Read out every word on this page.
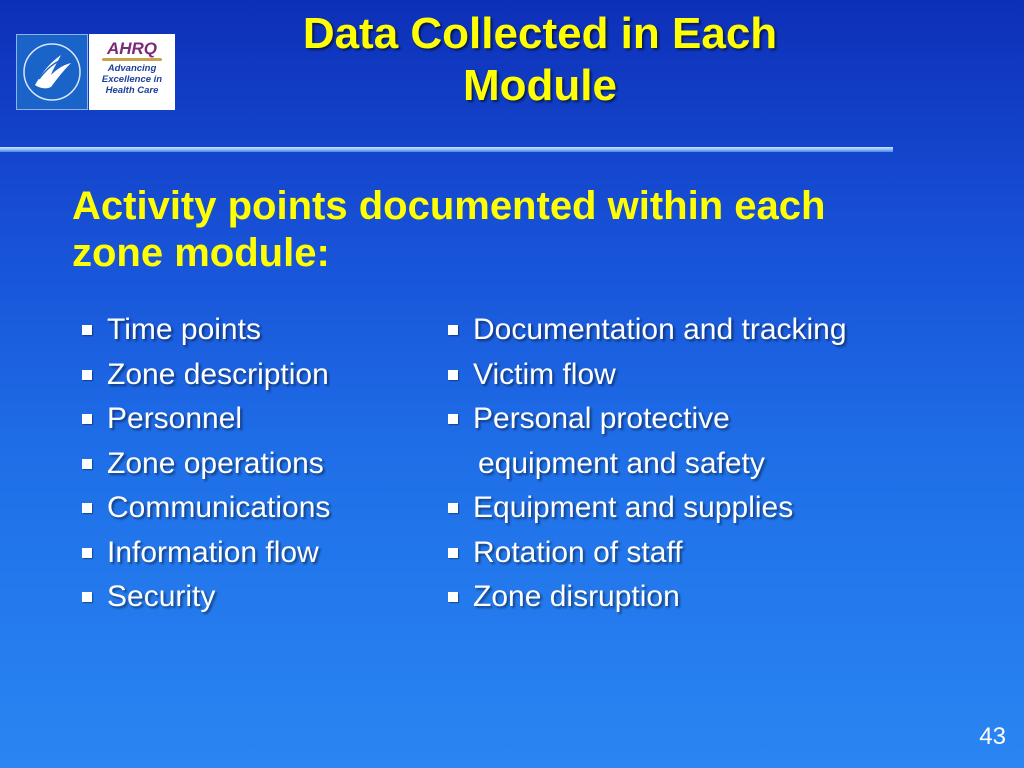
AHRQ
Advancing
Excellence in
Health Care
Data Collected in Each
Module
Activity points documented within each
zone module:
Time points
Zone description
Personnel
Zone operations
Communications
Information flow
Security
Documentation and tracking
Victim flow
Personal protective
equipment and safety
Equipment and supplies
Rotation of staff
Zone disruption
43
